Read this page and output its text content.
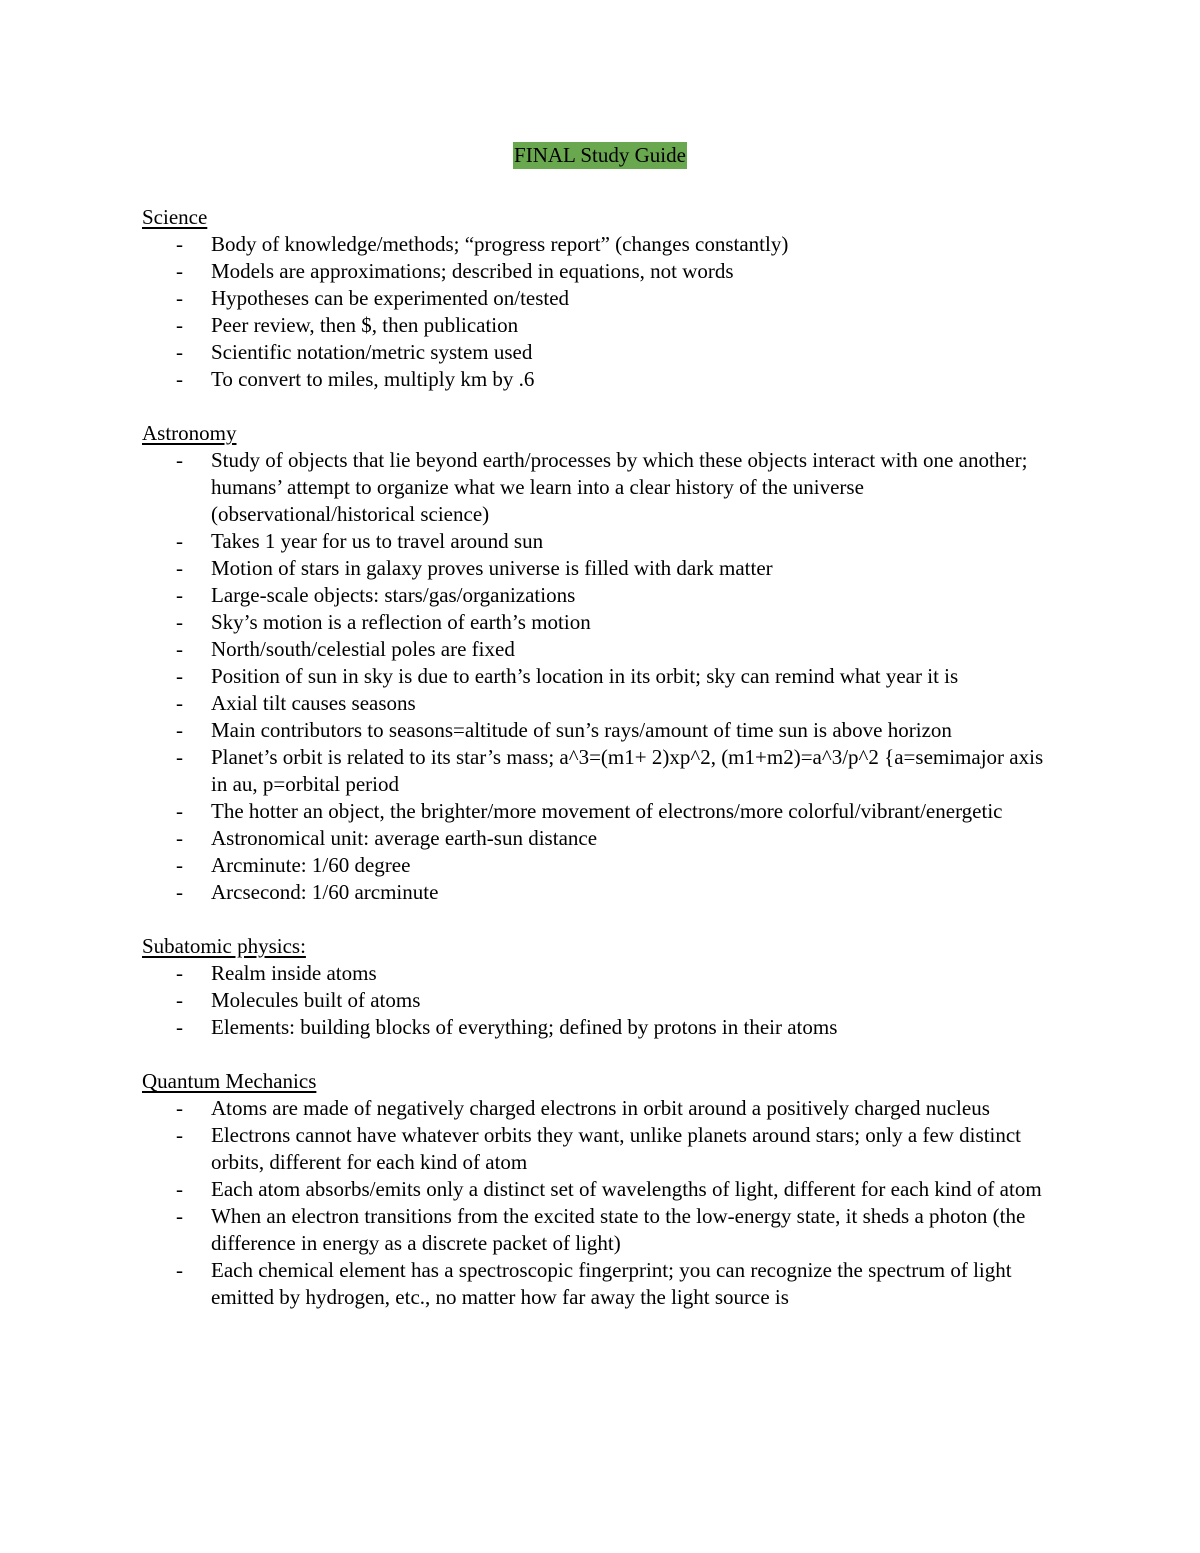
FINAL Study Guide
Science
- Body of knowledge/methods; “progress report” (changes constantly)
- Models are approximations; described in equations, not words
- Hypotheses can be experimented on/tested
- Peer review, then $, then publication
- Scientific notation/metric system used
- To convert to miles, multiply km by .6
Astronomy
- Study of objects that lie beyond earth/processes by which these objects interact with one another; humans’ attempt to organize what we learn into a clear history of the universe (observational/historical science)
- Takes 1 year for us to travel around sun
- Motion of stars in galaxy proves universe is filled with dark matter
- Large-scale objects: stars/gas/organizations
- Sky’s motion is a reflection of earth’s motion
- North/south/celestial poles are fixed
- Position of sun in sky is due to earth’s location in its orbit; sky can remind what year it is
- Axial tilt causes seasons
- Main contributors to seasons=altitude of sun’s rays/amount of time sun is above horizon
- Planet’s orbit is related to its star’s mass; a^3=(m1+ 2)xp^2, (m1+m2)=a^3/p^2 {a=semimajor axis in au, p=orbital period
- The hotter an object, the brighter/more movement of electrons/more colorful/vibrant/energetic
- Astronomical unit: average earth-sun distance
- Arcminute: 1/60 degree
- Arcsecond: 1/60 arcminute
Subatomic physics:
- Realm inside atoms
- Molecules built of atoms
- Elements: building blocks of everything; defined by protons in their atoms
Quantum Mechanics
- Atoms are made of negatively charged electrons in orbit around a positively charged nucleus
- Electrons cannot have whatever orbits they want, unlike planets around stars; only a few distinct orbits, different for each kind of atom
- Each atom absorbs/emits only a distinct set of wavelengths of light, different for each kind of atom
- When an electron transitions from the excited state to the low-energy state, it sheds a photon (the difference in energy as a discrete packet of light)
- Each chemical element has a spectroscopic fingerprint; you can recognize the spectrum of light emitted by hydrogen, etc., no matter how far away the light source is
